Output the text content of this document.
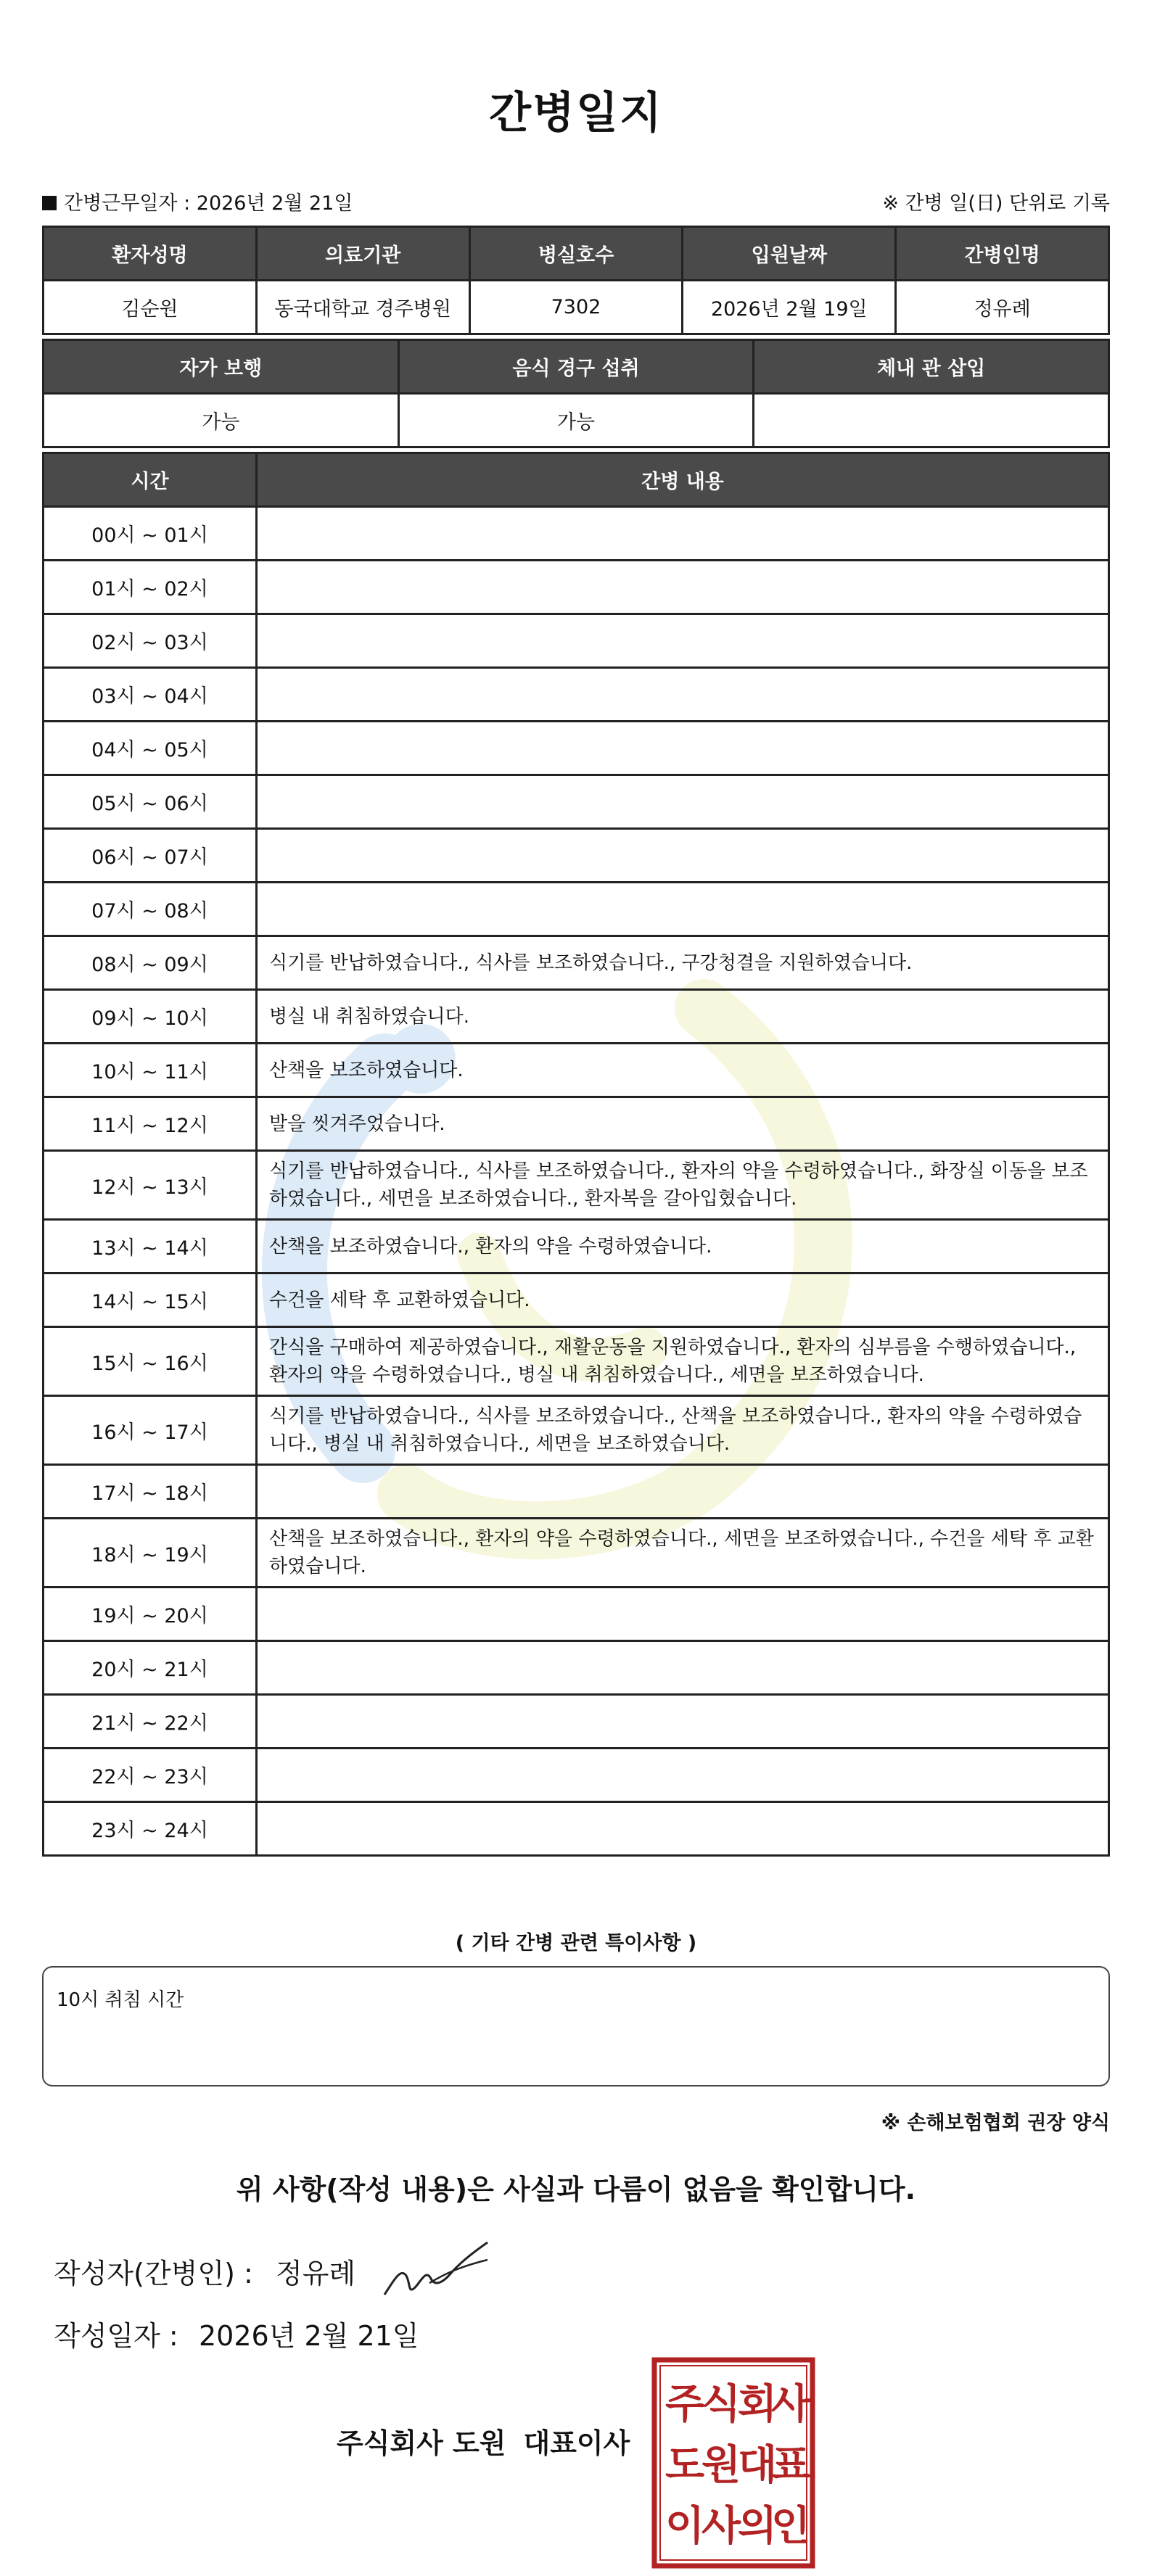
간병일지
간병근무일자 : 2026년 2월 21일	※ 간병 일(日) 단위로 기록
환자성명	의료기관	병실호수	입원날짜	간병인명
김순원	동국대학교 경주병원	7302	2026년 2월 19일	정유례
자가 보행	음식 경구 섭취	체내 관 삽입
가능	가능	
시간	간병 내용
00시 ~ 01시	
01시 ~ 02시	
02시 ~ 03시	
03시 ~ 04시	
04시 ~ 05시	
05시 ~ 06시	
06시 ~ 07시	
07시 ~ 08시	
08시 ~ 09시	식기를 반납하였습니다., 식사를 보조하였습니다., 구강청결을 지원하였습니다.
09시 ~ 10시	병실 내 취침하였습니다.
10시 ~ 11시	산책을 보조하였습니다.
11시 ~ 12시	발을 씻겨주었습니다.
12시 ~ 13시	식기를 반납하였습니다., 식사를 보조하였습니다., 환자의 약을 수령하였습니다., 화장실 이동을 보조하였습니다., 세면을 보조하였습니다., 환자복을 갈아입혔습니다.
13시 ~ 14시	산책을 보조하였습니다., 환자의 약을 수령하였습니다.
14시 ~ 15시	수건을 세탁 후 교환하였습니다.
15시 ~ 16시	간식을 구매하여 제공하였습니다., 재활운동을 지원하였습니다., 환자의 심부름을 수행하였습니다., 환자의 약을 수령하였습니다., 병실 내 취침하였습니다., 세면을 보조하였습니다.
16시 ~ 17시	식기를 반납하였습니다., 식사를 보조하였습니다., 산책을 보조하였습니다., 환자의 약을 수령하였습니다., 병실 내 취침하였습니다., 세면을 보조하였습니다.
17시 ~ 18시	
18시 ~ 19시	산책을 보조하였습니다., 환자의 약을 수령하였습니다., 세면을 보조하였습니다., 수건을 세탁 후 교환하였습니다.
19시 ~ 20시	
20시 ~ 21시	
21시 ~ 22시	
22시 ~ 23시	
23시 ~ 24시	
( 기타 간병 관련 특이사항 )
10시 취침 시간
※ 손해보험협회 권장 양식
위 사항(작성 내용)은 사실과 다름이 없음을 확인합니다.
작성자(간병인) : 정유례
작성일자 : 2026년 2월 21일
주식회사 도원 대표이사
주
식
회
사
도
원
대
표
이
사
의
인
